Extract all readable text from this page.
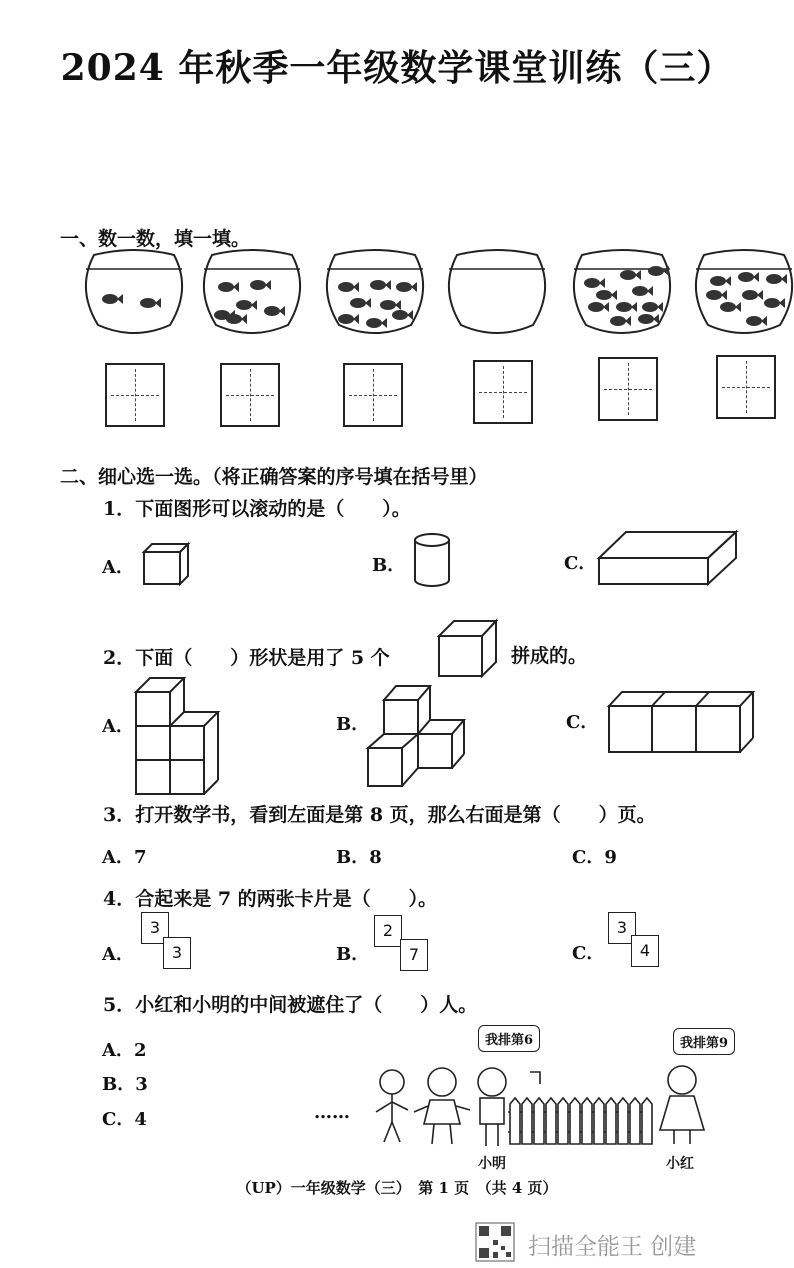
2024 年秋季一年级数学课堂训练（三）
一、数一数，填一填。
二、细心选一选。（将正确答案的序号填在括号里）
1．下面图形可以滚动的是（　　）。
A．	B．	C．
2．下面（　　）形状是用了 5 个	拼成的。
A．	B．	C．
3．打开数学书，看到左面是第 8 页，那么右面是第（　　）页。
A．7	B．8	C．9
4．合起来是 7 的两张卡片是（　　）。
A．
3
3	B．
2
7	C．
3
4
5．小红和小明的中间被遮住了（　　）人。
A．2
B．3
C．4	……
我排第6	我排第9
小明	小红
（UP）一年级数学（三）　第 1 页　（共 4 页）
扫描全能王 创建
